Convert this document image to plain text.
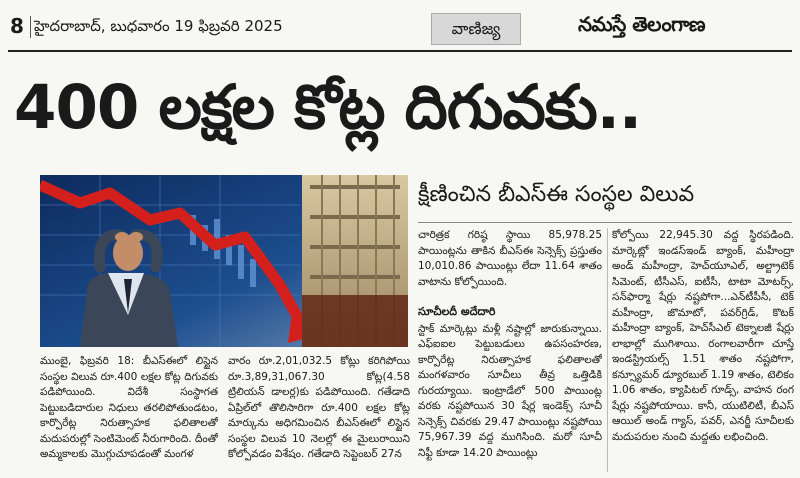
8 హైదరాబాద్‌, బుధవారం 19 ఫిబ్రవరి 2025	వాణిజ్య	నమస్తే తెలంగాణ
400 లక్షల కోట్ల దిగువకు..
క్షీణించిన బీఎస్‌ఈ సంస్థల విలువ

ముంబై, ఫిబ్రవరి 18: బీఎస్‌ఈలో లిస్టైన సంస్థల విలువ రూ.400 లక్షల కోట్ల దిగువకు పడిపోయింది. విదేశీ సంస్థాగత పెట్టుబడిదారుల నిధులు తరలిపోతుండటం, కార్పొరేట్ల నిరుత్సాహక ఫలితాలతో మదుపరుల్లో సెంటిమెంట్ నీరుగారింది. దీంతో అమ్మకాలకు మొగ్గుచూపడంతో మంగళ

వారం రూ.2,01,032.5 కోట్లు కరిగిపోయి రూ.3,89,31,067.30 కోట్ల(4.58 ట్రిలియన్ డాలర్ల)కు పడిపోయింది. గతేడాది ఏప్రిల్‌లో తొలిసారిగా రూ.400 లక్షల కోట్ల మార్కును అధిగమించిన బీఎస్‌ఈలో లిస్టైన సంస్థల విలువ 10 నెలల్లో ఈ మైలురాయిని కోల్పోవడం విశేషం. గతేడాది సెప్టెంబర్ 27న

చారిత్రక గరిష్ఠ స్థాయి 85,978.25 పాయింట్లను తాకిన బీఎస్‌ఈ సెన్సెక్స్ ప్రస్తుతం 10,010.86 పాయింట్లు లేదా 11.64 శాతం వాటాను కోల్పోయింది.

సూచీలదీ అదేదారి

స్టాక్ మార్కెట్లు మళ్లీ నష్టాల్లో జారుకున్నాయి. ఎఫ్‌ఐఐల పెట్టుబడులు ఉపసంహరణ, కార్పొరేట్ల నిరుత్సాహక ఫలితాలతో మంగళవారం సూచీలు తీవ్ర ఒత్తిడికి గురయ్యాయి. ఇంట్రాడేలో 500 పాయింట్ల వరకు నష్టపోయిన 30 షేర్ల ఇండెక్స్ సూచీ సెన్సెక్స్ చివరకు 29.47 పాయింట్లు నష్టపోయి 75,967.39 వద్ద ముగిసింది. మరో సూచీ నిఫ్టీ కూడా 14.20 పాయింట్లు

కోల్పోయి 22,945.30 వద్ద స్థిరపడింది. మార్కెట్లో ఇండస్‌ఇండ్ బ్యాంక్, మహీంద్రా అండ్ మహీంద్రా, హెచ్‌యూఎల్, అల్ట్రాటెక్ సిమెంట్, టీసీఎస్, ఐటీసీ, టాటా మోటర్స్, సన్‌ఫార్మా షేర్లు నష్టపోగా...ఎన్‌టీపీసీ, టెక్ మహీంద్రా, జొమాటో, పవర్‌గ్రిడ్, కొటక్ మహీంద్రా బ్యాంక్, హెచ్‌సీఎల్ టెక్నాలజీ షేర్లు లాభాల్లో ముగిశాయి. రంగాలవారీగా చూస్తే ఇండస్ట్రియల్స్ 1.51 శాతం నష్టపోగా, కన్స్యూమర్ డ్యూరబుల్ 1.19 శాతం, టెలికం 1.06 శాతం, క్యాపిటల్ గూడ్స్, వాహన రంగ షేర్లు నష్టపోయాయి. కానీ, యుటిలిటీ, బీఎస్ ఆయిల్ అండ్ గ్యాస్, పవర్, ఎనర్జీ సూచీలకు మదుపరుల నుంచి మద్దతు లభించింది.
